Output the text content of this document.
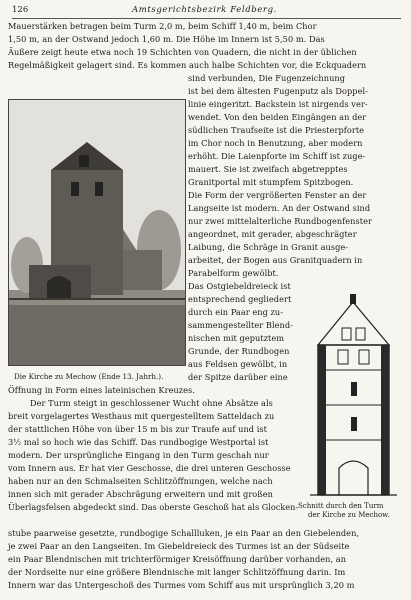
126	Amtsgerichtsbezirk Feldberg.
Mauerstärken betragen beim Turm 2,0 m, beim Schiff 1,40 m, beim Chor
1,50 m, an der Ostwand jedoch 1,60 m. Die Höhe im Innern ist 5,50 m. Das
Äußere zeigt heute etwa noch 19 Schichten von Quadern, die nicht in der üblichen
Regelmäßigkeit gelagert sind. Es kommen auch halbe Schichten vor, die Eckquadern
Die Kirche zu Mechow (Ende 13. Jahrh.).
sind verbunden, Die Fugenzeichnung
ist bei dem ältesten Fugenputz als Doppel-
linie eingeritzt. Backstein ist nirgends ver-
wendet. Von den beiden Eingängen an der
südlichen Traufseite ist die Priesterpforte
im Chor noch in Benutzung, aber modern
erhöht. Die Laienpforte im Schiff ist zuge-
mauert. Sie ist zweifach abgetrepptes
Granitportal mit stumpfem Spitzbogen.
Die Form der vergrößerten Fenster an der
Langseite ist modern. An der Ostwand sind
nur zwei mittelalterliche Rundbogenfenster
angeordnet, mit gerader, abgeschrägter
Laibung, die Schräge in Granit ausge-
arbeitet, der Bogen aus Granitquadern in
Parabelform gewölbt.
Das Ostgiebeldreieck ist
entsprechend gegliedert
durch ein Paar eng zu-
sammengestellter Blend-
nischen mit geputztem
Grunde, der Rundbogen
aus Feldsen gewölbt, in
der Spitze darüber eine
Öffnung in Form eines lateinischen Kreuzes.
Der Turm steigt in geschlossener Wucht ohne Absätze als
breit vorgelagertes Westhaus mit quergestelltem Satteldach zu
der stattlichen Höhe von über 15 m bis zur Traufe auf und ist
3½ mal so hoch wie das Schiff. Das rundbogige Westportal ist
modern. Der ursprüngliche Eingang in den Turm geschah nur
vom Innern aus. Er hat vier Geschosse, die drei unteren Geschosse
haben nur an den Schmalseiten Schlitzöffnungen, welche nach
innen sich mit gerader Abschrägung erweitern und mit großen
Überlagsfelsen abgedeckt sind. Das oberste Geschoß hat als Glocken- Schnitt durch den Turm
der Kirche zu Mechow.
stube paarweise gesetzte, rundbogige Schallluken, je ein Paar an den Giebelenden,
je zwei Paar an den Langseiten. Im Giebeldreieck des Turmes ist an der Südseite
ein Paar Blendnischen mit trichterförmiger Kreisöffnung darüber vorhanden, an
der Nordseite nur eine größere Blendnische mit langer Schlitzöffnung darin. Im
Innern war das Untergeschoß des Turmes vom Schiff aus mit ursprünglich 3,20 m
